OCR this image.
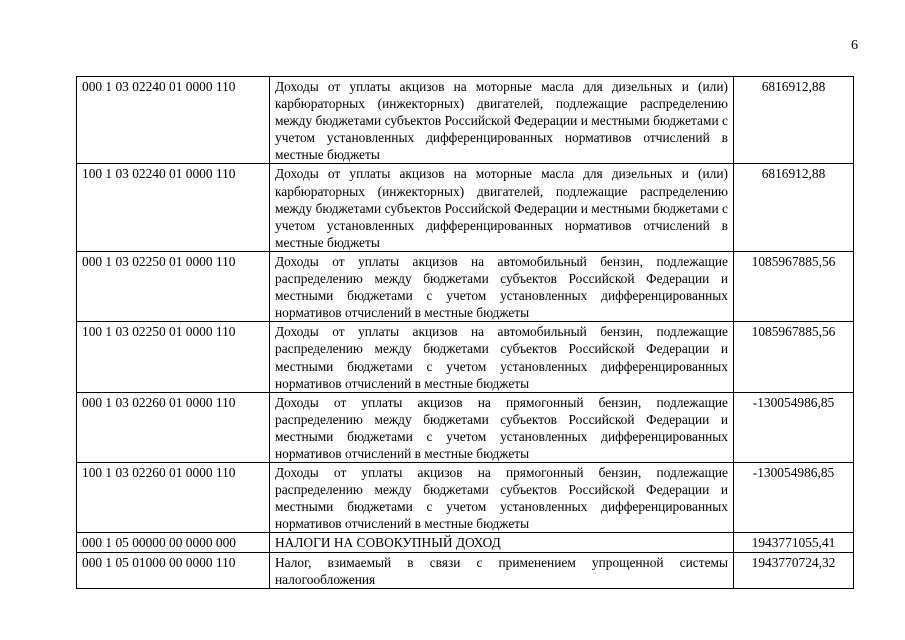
6
000 1 03 02240 01 0000 110	Доходы от уплаты акцизов на моторные масла для дизельных и (или) карбюраторных (инжекторных) двигателей, подлежащие распределению между бюджетами субъектов Российской Федерации и местными бюджетами с учетом установленных дифференцированных нормативов отчислений в местные бюджеты	6816912,88
100 1 03 02240 01 0000 110	Доходы от уплаты акцизов на моторные масла для дизельных и (или) карбюраторных (инжекторных) двигателей, подлежащие распределению между бюджетами субъектов Российской Федерации и местными бюджетами с учетом установленных дифференцированных нормативов отчислений в местные бюджеты	6816912,88
000 1 03 02250 01 0000 110	Доходы от уплаты акцизов на автомобильный бензин, подлежащие распределению между бюджетами субъектов Российской Федерации и местными бюджетами с учетом установленных дифференцированных нормативов отчислений в местные бюджеты	1085967885,56
100 1 03 02250 01 0000 110	Доходы от уплаты акцизов на автомобильный бензин, подлежащие распределению между бюджетами субъектов Российской Федерации и местными бюджетами с учетом установленных дифференцированных нормативов отчислений в местные бюджеты	1085967885,56
000 1 03 02260 01 0000 110	Доходы от уплаты акцизов на прямогонный бензин, подлежащие распределению между бюджетами субъектов Российской Федерации и местными бюджетами с учетом установленных дифференцированных нормативов отчислений в местные бюджеты	-130054986,85
100 1 03 02260 01 0000 110	Доходы от уплаты акцизов на прямогонный бензин, подлежащие распределению между бюджетами субъектов Российской Федерации и местными бюджетами с учетом установленных дифференцированных нормативов отчислений в местные бюджеты	-130054986,85
000 1 05 00000 00 0000 000	НАЛОГИ НА СОВОКУПНЫЙ ДОХОД	1943771055,41
000 1 05 01000 00 0000 110	Налог, взимаемый в связи с применением упрощенной системы налогообложения	1943770724,32
